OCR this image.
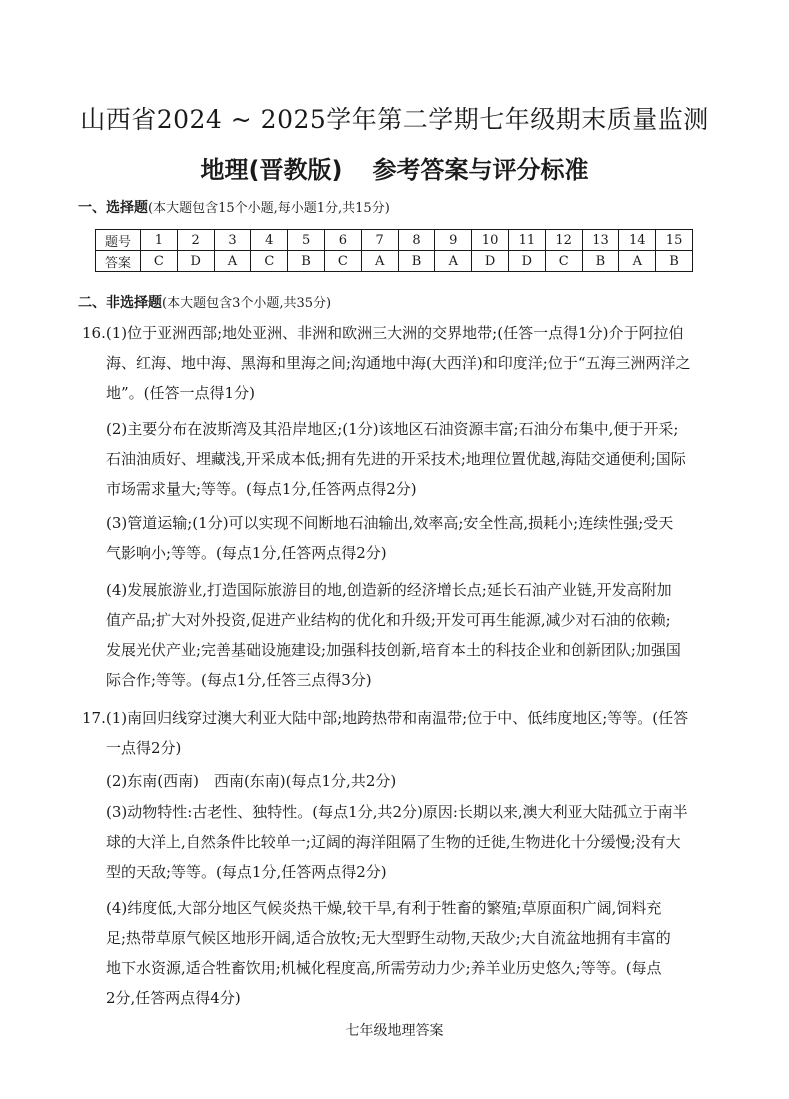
山西省2024 ~ 2025学年第二学期七年级期末质量监测
地理(晋教版) 参考答案与评分标准
一、选择题(本大题包含15个小题,每小题1分,共15分)
题号	1	2	3	4	5	6	7	8	9	10	11	12	13	14	15
答案	C	D	A	C	B	C	A	B	A	D	D	C	B	A	B
二、非选择题(本大题包含3个小题,共35分)
16.(1)位于亚洲西部;地处亚洲、非洲和欧洲三大洲的交界地带;(任答一点得1分)介于阿拉伯
海、红海、地中海、黑海和里海之间;沟通地中海(大西洋)和印度洋;位于“五海三洲两洋之
地”。(任答一点得1分)
(2)主要分布在波斯湾及其沿岸地区;(1分)该地区石油资源丰富;石油分布集中,便于开采;
石油油质好、埋藏浅,开采成本低;拥有先进的开采技术;地理位置优越,海陆交通便利;国际
市场需求量大;等等。(每点1分,任答两点得2分)
(3)管道运输;(1分)可以实现不间断地石油输出,效率高;安全性高,损耗小;连续性强;受天
气影响小;等等。(每点1分,任答两点得2分)
(4)发展旅游业,打造国际旅游目的地,创造新的经济增长点;延长石油产业链,开发高附加
值产品;扩大对外投资,促进产业结构的优化和升级;开发可再生能源,减少对石油的依赖;
发展光伏产业;完善基础设施建设;加强科技创新,培育本土的科技企业和创新团队;加强国
际合作;等等。(每点1分,任答三点得3分)
17.(1)南回归线穿过澳大利亚大陆中部;地跨热带和南温带;位于中、低纬度地区;等等。(任答
一点得2分)
(2)东南(西南)　西南(东南)(每点1分,共2分)
(3)动物特性:古老性、独特性。(每点1分,共2分)原因:长期以来,澳大利亚大陆孤立于南半
球的大洋上,自然条件比较单一;辽阔的海洋阻隔了生物的迁徙,生物进化十分缓慢;没有大
型的天敌;等等。(每点1分,任答两点得2分)
(4)纬度低,大部分地区气候炎热干燥,较干旱,有利于牲畜的繁殖;草原面积广阔,饲料充
足;热带草原气候区地形开阔,适合放牧;无大型野生动物,天敌少;大自流盆地拥有丰富的
地下水资源,适合牲畜饮用;机械化程度高,所需劳动力少;养羊业历史悠久;等等。(每点
2分,任答两点得4分)
七年级地理答案
